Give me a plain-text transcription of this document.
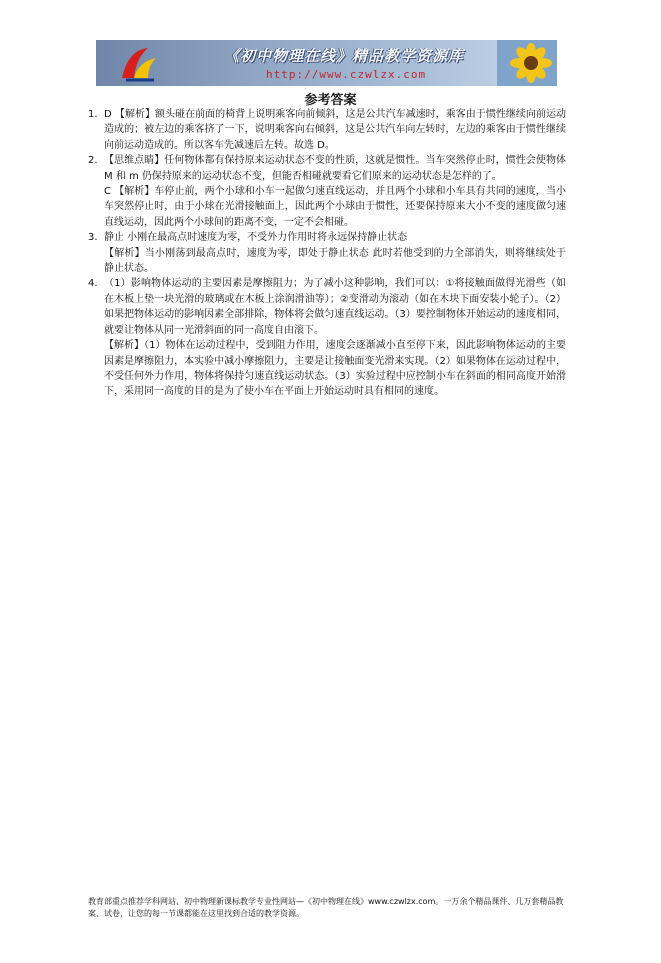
《初中物理在线》精品教学资源库
http://www.czwlzx.com
参考答案
1. D 【解析】额头碰在前面的椅背上说明乘客向前倾斜，这是公共汽车减速时，乘客由于惯性继续向前运动造成的；被左边的乘客挤了一下，说明乘客向右倾斜，这是公共汽车向左转时，左边的乘客由于惯性继续向前运动造成的。所以客车先减速后左转。故选 D。

2. 【思维点睛】任何物体都有保持原来运动状态不变的性质，这就是惯性。当车突然停止时，惯性会使物体 M 和 m 仍保持原来的运动状态不变，但能否相碰就要看它们原来的运动状态是怎样的了。

C 【解析】车停止前，两个小球和小车一起做匀速直线运动，并且两个小球和小车具有共同的速度，当小车突然停止时，由于小球在光滑接触面上，因此两个小球由于惯性，还要保持原来大小不变的速度做匀速直线运动，因此两个小球间的距离不变，一定不会相碰。

3. 静止 小刚在最高点时速度为零，不受外力作用时将永远保持静止状态

【解析】当小刚荡到最高点时，速度为零，即处于静止状态 此时若他受到的力全部消失，则将继续处于静止状态。

4. （1）影响物体运动的主要因素是摩擦阻力；为了减小这种影响，我们可以：①将接触面做得光滑些（如在木板上垫一块光滑的玻璃或在木板上涂润滑油等）；②变滑动为滚动（如在木块下面安装小轮子）。（2）如果把物体运动的影响因素全部排除，物体将会做匀速直线运动。（3）要控制物体开始运动的速度相同，就要让物体从同一光滑斜面的同一高度自由滚下。

【解析】（1）物体在运动过程中，受到阻力作用，速度会逐渐减小直至停下来，因此影响物体运动的主要因素是摩擦阻力，本实验中减小摩擦阻力，主要是让接触面变光滑来实现。（2）如果物体在运动过程中，不受任何外力作用，物体将保持匀速直线运动状态。（3）实验过程中应控制小车在斜面的相同高度开始滑下，采用同一高度的目的是为了使小车在平面上开始运动时具有相同的速度。

教育部重点推荐学科网站、初中物理新课标教学专业性网站—《初中物理在线》www.czwlzx.com。一万余个精品课件、几万套精品教案、试卷，让您的每一节课都能在这里找到合适的教学资源。
